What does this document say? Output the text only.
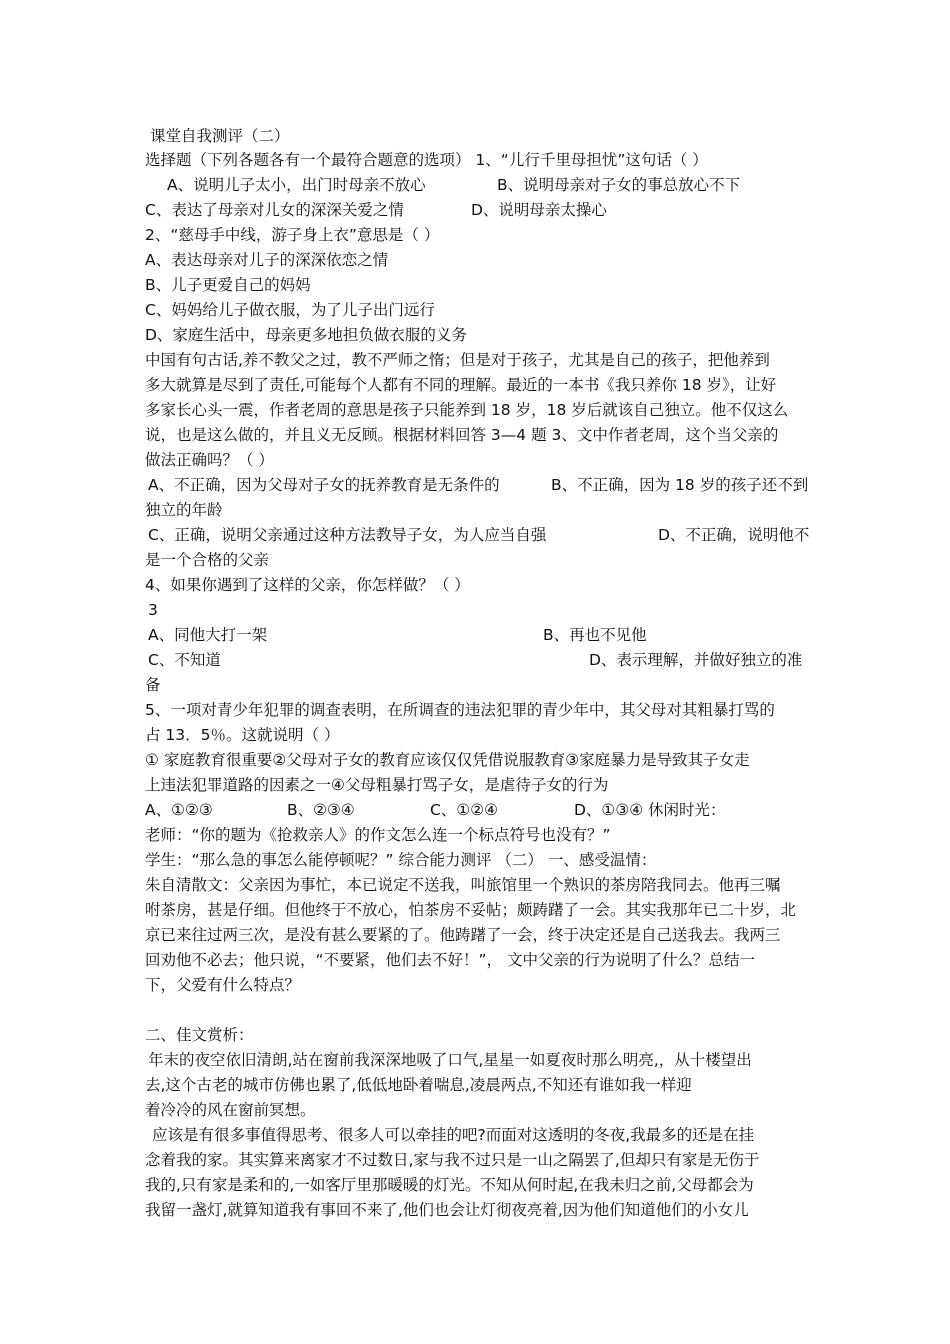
课堂自我测评（二）
选择题（下列各题各有一个最符合题意的选项） 1、“儿行千里母担忧”这句话（ ）
A、说明儿子太小，出门时母亲不放心	B、说明母亲对子女的事总放心不下
C、表达了母亲对儿女的深深关爱之情	D、说明母亲太操心
2、“慈母手中线，游子身上衣”意思是（ ）
A、表达母亲对儿子的深深依恋之情
B、儿子更爱自己的妈妈
C、妈妈给儿子做衣服，为了儿子出门远行
D、家庭生活中，母亲更多地担负做衣服的义务
中国有句古话,养不教父之过，教不严师之惰；但是对于孩子，尤其是自己的孩子，把他养到
多大就算是尽到了责任,可能每个人都有不同的理解。最近的一本书《我只养你 18 岁》，让好
多家长心头一震，作者老周的意思是孩子只能养到 18 岁，18 岁后就该自己独立。他不仅这么
说，也是这么做的，并且义无反顾。根据材料回答 3—4 题 3、文中作者老周，这个当父亲的
做法正确吗？（ ）
A、不正确，因为父母对子女的抚养教育是无条件的	B、不正确，因为 18 岁的孩子还不到
独立的年龄
C、正确，说明父亲通过这种方法教导子女，为人应当自强	D、不正确，说明他不
是一个合格的父亲
4、如果你遇到了这样的父亲，你怎样做？（ ）
3
A、同他大打一架	B、再也不见他
C、不知道	D、表示理解，并做好独立的准
备
5、一项对青少年犯罪的调查表明，在所调查的违法犯罪的青少年中，其父母对其粗暴打骂的
占 13．5％。这就说明（ ）
① 家庭教育很重要②父母对子女的教育应该仅仅凭借说服教育③家庭暴力是导致其子女走
上违法犯罪道路的因素之一④父母粗暴打骂子女，是虐待子女的行为
A、①②③	B、②③④	C、①②④	D、①③④ 休闲时光：
老师：“你的题为《抢救亲人》的作文怎么连一个标点符号也没有？”
学生：“那么急的事怎么能停顿呢？” 综合能力测评 （二） 一、感受温情：
朱自清散文：父亲因为事忙，本已说定不送我，叫旅馆里一个熟识的茶房陪我同去。他再三嘱
咐茶房，甚是仔细。但他终于不放心，怕茶房不妥帖；颇踌躇了一会。其实我那年已二十岁，北
京已来往过两三次，是没有甚么要紧的了。他踌躇了一会，终于决定还是自己送我去。我两三
回劝他不必去；他只说，“不要紧，他们去不好！”， 文中父亲的行为说明了什么？总结一
下，父爱有什么特点？
二、佳文赏析：
年末的夜空依旧清朗,站在窗前我深深地吸了口气,星星一如夏夜时那么明亮,，从十楼望出
去,这个古老的城市仿佛也累了,低低地卧着喘息,凌晨两点,不知还有谁如我一样迎
着冷冷的风在窗前冥想。
应该是有很多事值得思考、很多人可以牵挂的吧?而面对这透明的冬夜,我最多的还是在挂
念着我的家。其实算来离家才不过数日,家与我不过只是一山之隔罢了,但却只有家是无伤于
我的,只有家是柔和的,一如客厅里那暖暖的灯光。不知从何时起,在我未归之前,父母都会为
我留一盏灯,就算知道我有事回不来了,他们也会让灯彻夜亮着,因为他们知道他们的小女儿
